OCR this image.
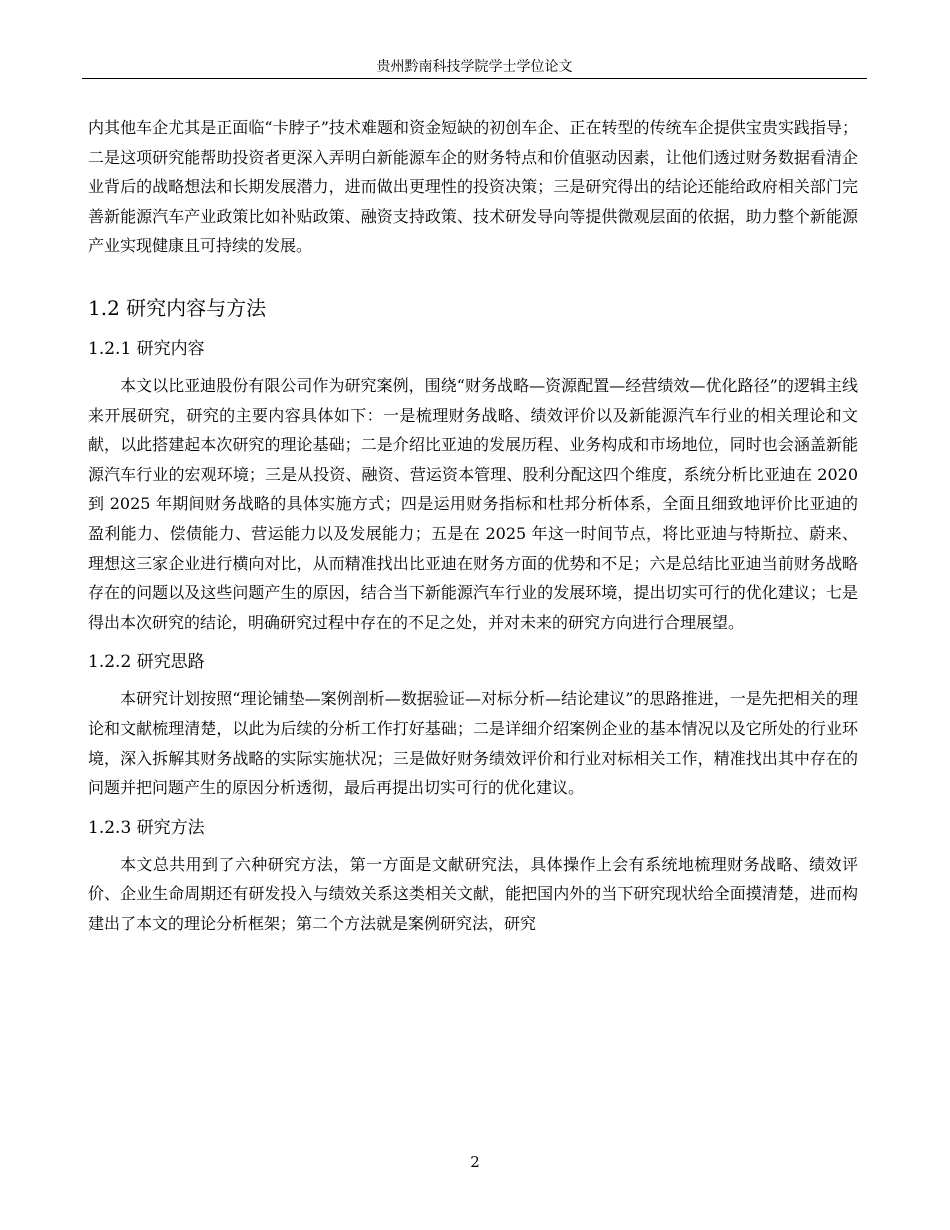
贵州黔南科技学院学士学位论文

内其他车企尤其是正面临“卡脖子”技术难题和资金短缺的初创车企、正在转型的传统车企提供宝贵实践指导；二是这项研究能帮助投资者更深入弄明白新能源车企的财务特点和价值驱动因素，让他们透过财务数据看清企业背后的战略想法和长期发展潜力，进而做出更理性的投资决策；三是研究得出的结论还能给政府相关部门完善新能源汽车产业政策比如补贴政策、融资支持政策、技术研发导向等提供微观层面的依据，助力整个新能源产业实现健康且可持续的发展。

1.2 研究内容与方法
1.2.1 研究内容

本文以比亚迪股份有限公司作为研究案例，围绕“财务战略—资源配置—经营绩效—优化路径”的逻辑主线来开展研究，研究的主要内容具体如下：一是梳理财务战略、绩效评价以及新能源汽车行业的相关理论和文献，以此搭建起本次研究的理论基础；二是介绍比亚迪的发展历程、业务构成和市场地位，同时也会涵盖新能源汽车行业的宏观环境；三是从投资、融资、营运资本管理、股利分配这四个维度，系统分析比亚迪在 2020 到 2025 年期间财务战略的具体实施方式；四是运用财务指标和杜邦分析体系，全面且细致地评价比亚迪的盈利能力、偿债能力、营运能力以及发展能力；五是在 2025 年这一时间节点，将比亚迪与特斯拉、蔚来、理想这三家企业进行横向对比，从而精准找出比亚迪在财务方面的优势和不足；六是总结比亚迪当前财务战略存在的问题以及这些问题产生的原因，结合当下新能源汽车行业的发展环境，提出切实可行的优化建议；七是得出本次研究的结论，明确研究过程中存在的不足之处，并对未来的研究方向进行合理展望。

1.2.2 研究思路

本研究计划按照“理论铺垫—案例剖析—数据验证—对标分析—结论建议”的思路推进，一是先把相关的理论和文献梳理清楚，以此为后续的分析工作打好基础；二是详细介绍案例企业的基本情况以及它所处的行业环境，深入拆解其财务战略的实际实施状况；三是做好财务绩效评价和行业对标相关工作，精准找出其中存在的问题并把问题产生的原因分析透彻，最后再提出切实可行的优化建议。

1.2.3 研究方法

本文总共用到了六种研究方法，第一方面是文献研究法，具体操作上会有系统地梳理财务战略、绩效评价、企业生命周期还有研发投入与绩效关系这类相关文献，能把国内外的当下研究现状给全面摸清楚，进而构建出了本文的理论分析框架；第二个方法就是案例研究法，研究

2
